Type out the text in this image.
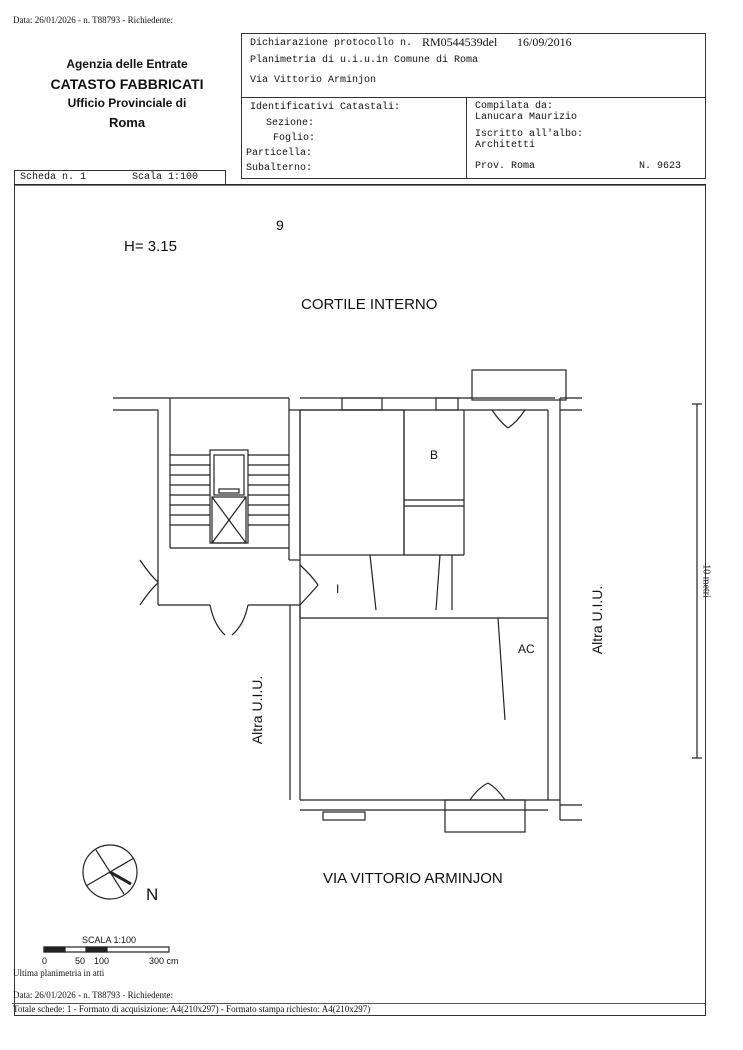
Data: 26/01/2026 - n. T88793 - Richiedente:
Agenzia delle Entrate
CATASTO FABBRICATI
Ufficio Provinciale di
Roma
Dichiarazione protocollo n. RM0544539del 16/09/2016
Planimetria di u.i.u.in Comune di Roma
Via Vittorio Arminjon
Identificativi Catastali:
Sezione:
Foglio:
Particella:
Subalterno:
Compilata da:
Lanucara Maurizio
Iscritto all'albo:
Architetti
Prov. Roma	N. 9623
Scheda n. 1	Scala 1:100
9
H= 3.15
CORTILE INTERNO
B
I
AC
Altra U.I.U.
Altra U.I.U.
VIA VITTORIO ARMINJON
N
10 metri
SCALA 1:100
0	50 100	300 cm
Ultima planimetria in atti
Data: 26/01/2026 - n. T88793 - Richiedente:
Totale schede: 1 - Formato di acquisizione: A4(210x297) - Formato stampa richiesto: A4(210x297)
